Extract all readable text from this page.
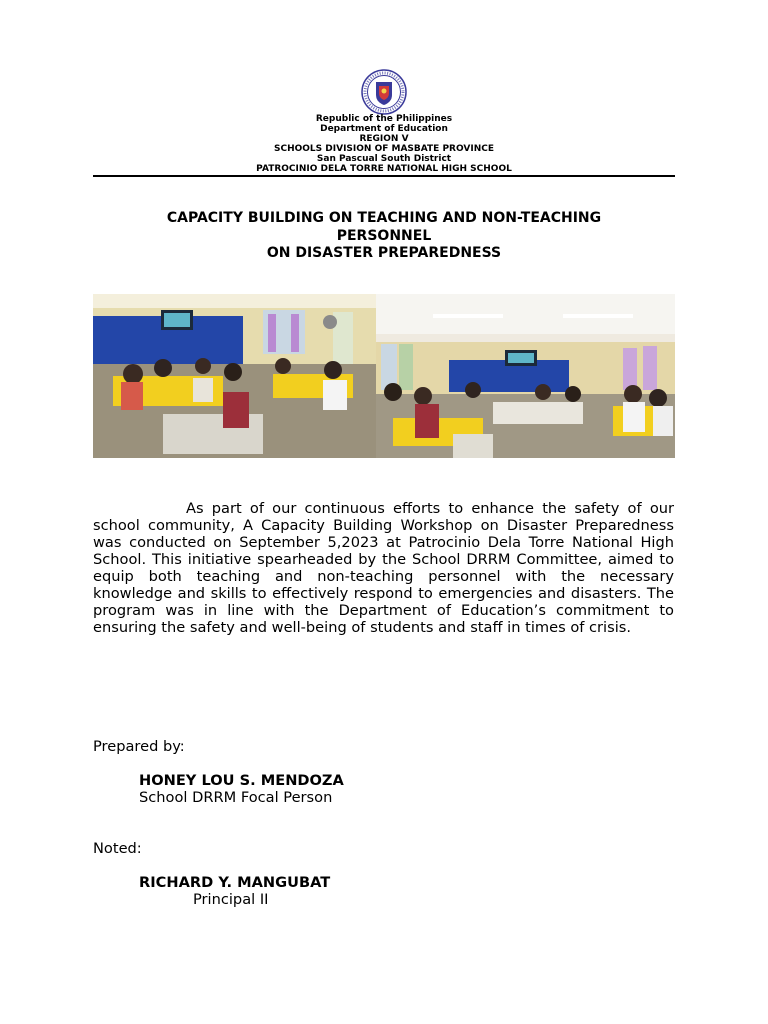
Republic of the Philippines
Department of Education
REGION V
SCHOOLS DIVISION OF MASBATE PROVINCE
San Pascual South District
PATROCINIO DELA TORRE NATIONAL HIGH SCHOOL
CAPACITY BUILDING ON TEACHING AND NON-TEACHING
PERSONNEL
ON DISASTER PREPAREDNESS
As part of our continuous efforts to enhance the safety of our school community, A Capacity Building Workshop on Disaster Preparedness was conducted on September 5,2023 at Patrocinio Dela Torre National High School. This initiative spearheaded by the School DRRM Committee, aimed to equip both teaching and non-teaching personnel with the necessary knowledge and skills to effectively respond to emergencies and disasters. The program was in line with the Department of Education’s commitment to ensuring the safety and well-being of students and staff in times of crisis.
Prepared by:
HONEY LOU S. MENDOZA
School DRRM Focal Person
Noted:
RICHARD Y. MANGUBAT
Principal II
